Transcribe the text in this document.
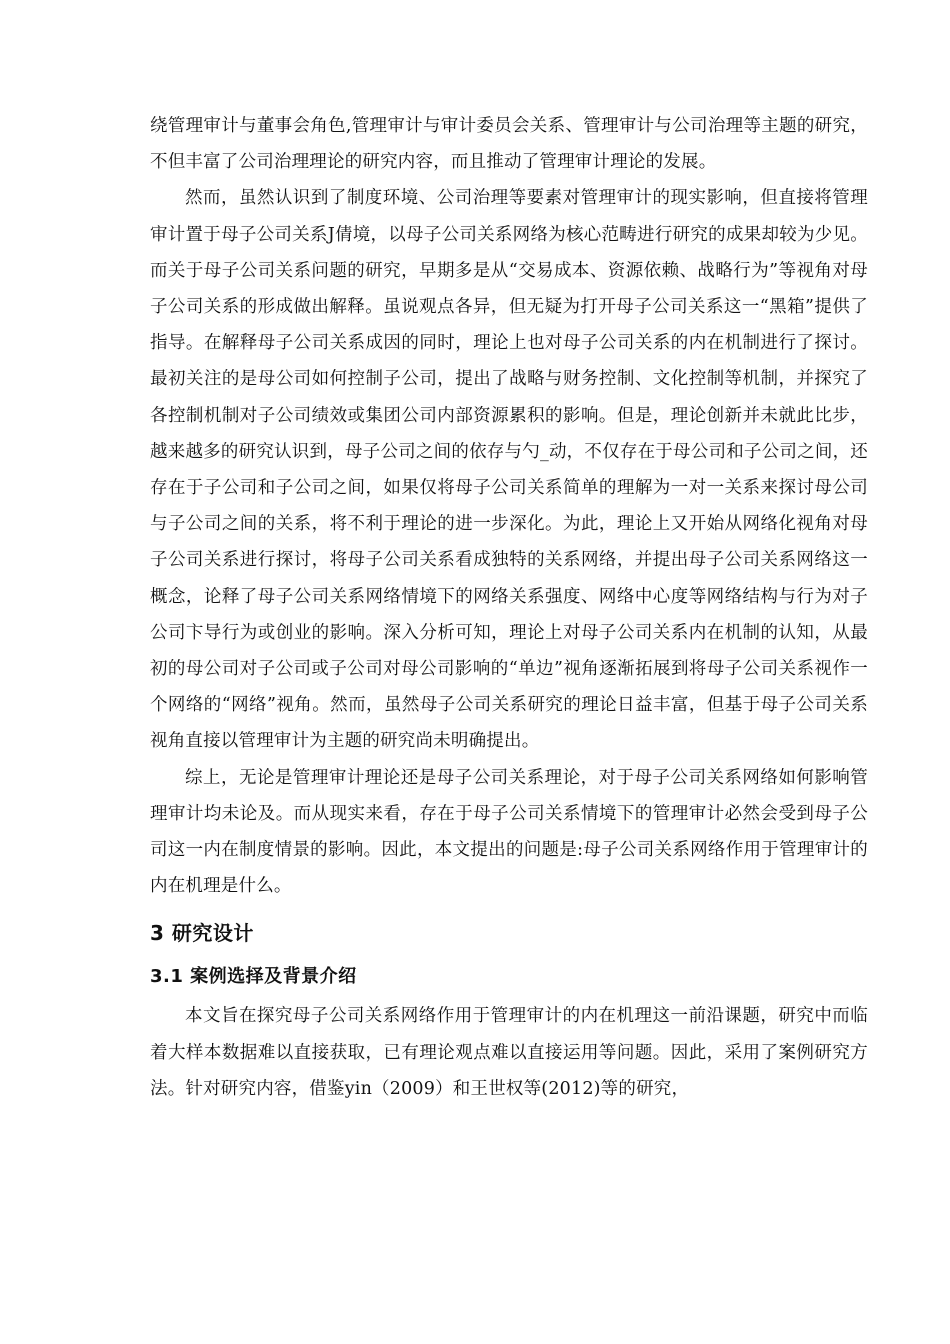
绕管理审计与董事会角色,管理审计与审计委员会关系、管理审计与公司治理等主题的研究，不但丰富了公司治理理论的研究内容，而且推动了管理审计理论的发展。

然而，虽然认识到了制度环境、公司治理等要素对管理审计的现实影响，但直接将管理审计置于母子公司关系J倩境，以母子公司关系网络为核心范畴进行研究的成果却较为少见。而关于母子公司关系问题的研究，早期多是从“交易成本、资源依赖、战略行为”等视角对母子公司关系的形成做出解释。虽说观点各异，但无疑为打开母子公司关系这一“黑箱”提供了指导。在解释母子公司关系成因的同时，理论上也对母子公司关系的内在机制进行了探讨。最初关注的是母公司如何控制子公司，提出了战略与财务控制、文化控制等机制，并探究了各控制机制对子公司绩效或集团公司内部资源累积的影响。但是，理论创新并未就此比步，越来越多的研究认识到，母子公司之间的依存与勺_动，不仅存在于母公司和子公司之间，还存在于子公司和子公司之间，如果仅将母子公司关系简单的理解为一对一关系来探讨母公司与子公司之间的关系，将不利于理论的进一步深化。为此，理论上又开始从网络化视角对母子公司关系进行探讨，将母子公司关系看成独特的关系网络，并提出母子公司关系网络这一概念，论释了母子公司关系网络情境下的网络关系强度、网络中心度等网络结构与行为对子公司卞导行为或创业的影响。深入分析可知，理论上对母子公司关系内在机制的认知，从最初的母公司对子公司或子公司对母公司影响的“单边”视角逐渐拓展到将母子公司关系视作一个网络的“网络”视角。然而，虽然母子公司关系研究的理论日益丰富，但基于母子公司关系视角直接以管理审计为主题的研究尚未明确提出。

综上，无论是管理审计理论还是母子公司关系理论，对于母子公司关系网络如何影响管理审计均未论及。而从现实来看，存在于母子公司关系情境下的管理审计必然会受到母子公司这一内在制度情景的影响。因此，本文提出的问题是:母子公司关系网络作用于管理审计的内在机理是什么。

3 研究设计
3.1 案例选择及背景介绍

本文旨在探究母子公司关系网络作用于管理审计的内在机理这一前沿课题，研究中而临着大样本数据难以直接获取，已有理论观点难以直接运用等问题。因此，采用了案例研究方法。针对研究内容，借鉴yin（2009）和王世权等(2012)等的研究，
